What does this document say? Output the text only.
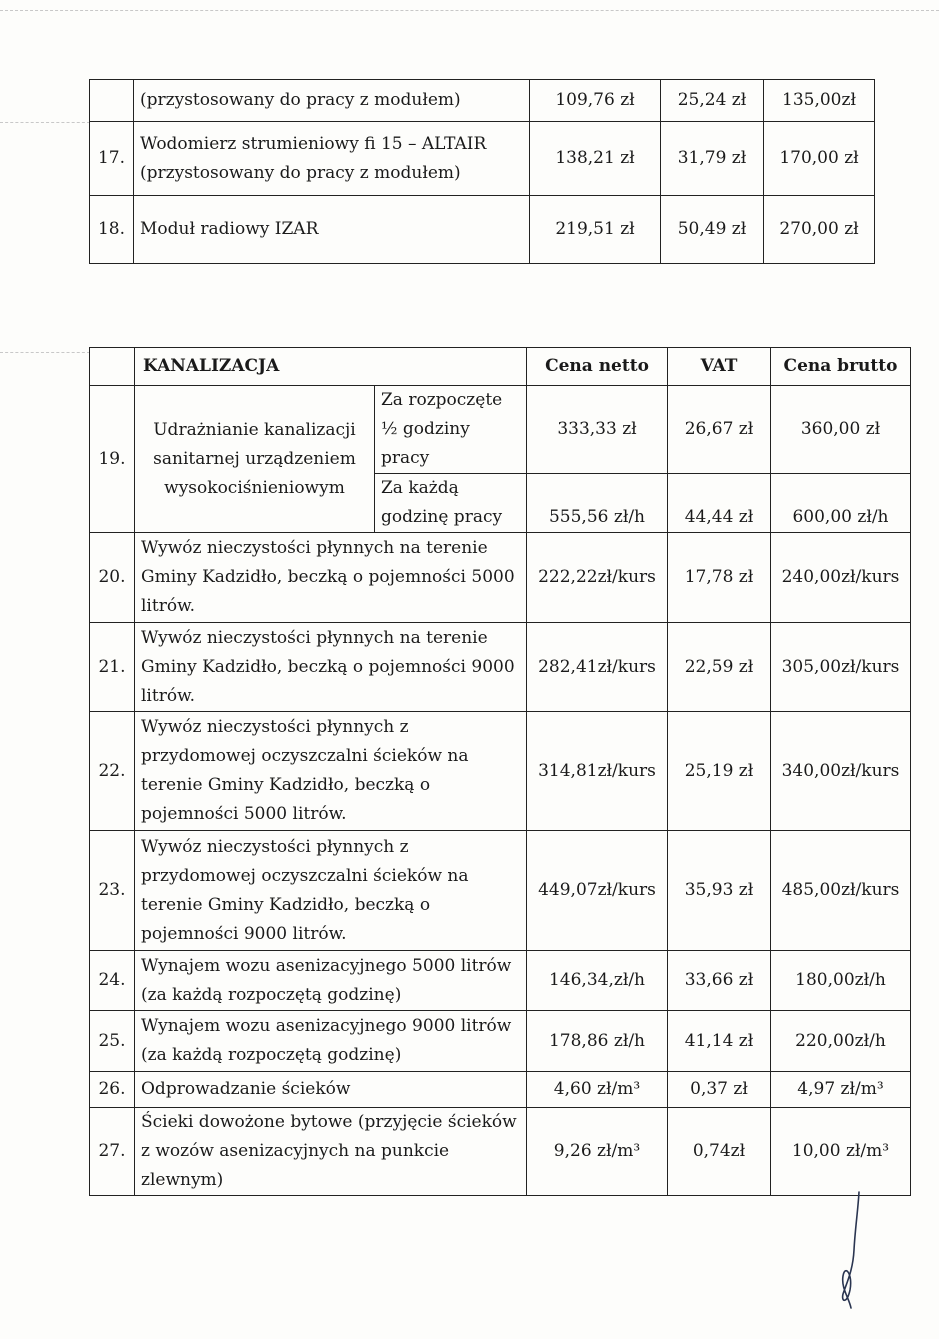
	(przystosowany do pracy z modułem)	109,76 zł	25,24 zł	135,00zł
17.	Wodomierz strumieniowy fi 15 – ALTAIR
(przystosowany do pracy z modułem)	138,21 zł	31,79 zł	170,00 zł
18.	Moduł radiowy IZAR	219,51 zł	50,49 zł	270,00 zł
	KANALIZACJA		Cena netto	VAT	Cena brutto
19.	Udrażnianie kanalizacji sanitarnej urządzeniem wysokociśnieniowym	Za rozpoczęte ½ godziny pracy	333,33 zł	26,67 zł	360,00 zł
		Za każdą godzinę pracy	555,56 zł/h	44,44 zł	600,00 zł/h
20.	Wywóz nieczystości płynnych na terenie Gminy Kadzidło, beczką o pojemności 5000 litrów.		222,22zł/kurs	17,78 zł	240,00zł/kurs
21.	Wywóz nieczystości płynnych na terenie Gminy Kadzidło, beczką o pojemności 9000 litrów.		282,41zł/kurs	22,59 zł	305,00zł/kurs
22.	Wywóz nieczystości płynnych z przydomowej oczyszczalni ścieków na terenie Gminy Kadzidło, beczką o pojemności 5000 litrów.		314,81zł/kurs	25,19 zł	340,00zł/kurs
23.	Wywóz nieczystości płynnych z przydomowej oczyszczalni ścieków na terenie Gminy Kadzidło, beczką o pojemności 9000 litrów.		449,07zł/kurs	35,93 zł	485,00zł/kurs
24.	Wynajem wozu asenizacyjnego 5000 litrów (za każdą rozpoczętą godzinę)		146,34,zł/h	33,66 zł	180,00zł/h
25.	Wynajem wozu asenizacyjnego 9000 litrów (za każdą rozpoczętą godzinę)		178,86 zł/h	41,14 zł	220,00zł/h
26.	Odprowadzanie ścieków		4,60 zł/m³	0,37 zł	4,97 zł/m³
27.	Ścieki dowożone bytowe (przyjęcie ścieków z wozów asenizacyjnych na punkcie zlewnym)		9,26 zł/m³	0,74zł	10,00 zł/m³
